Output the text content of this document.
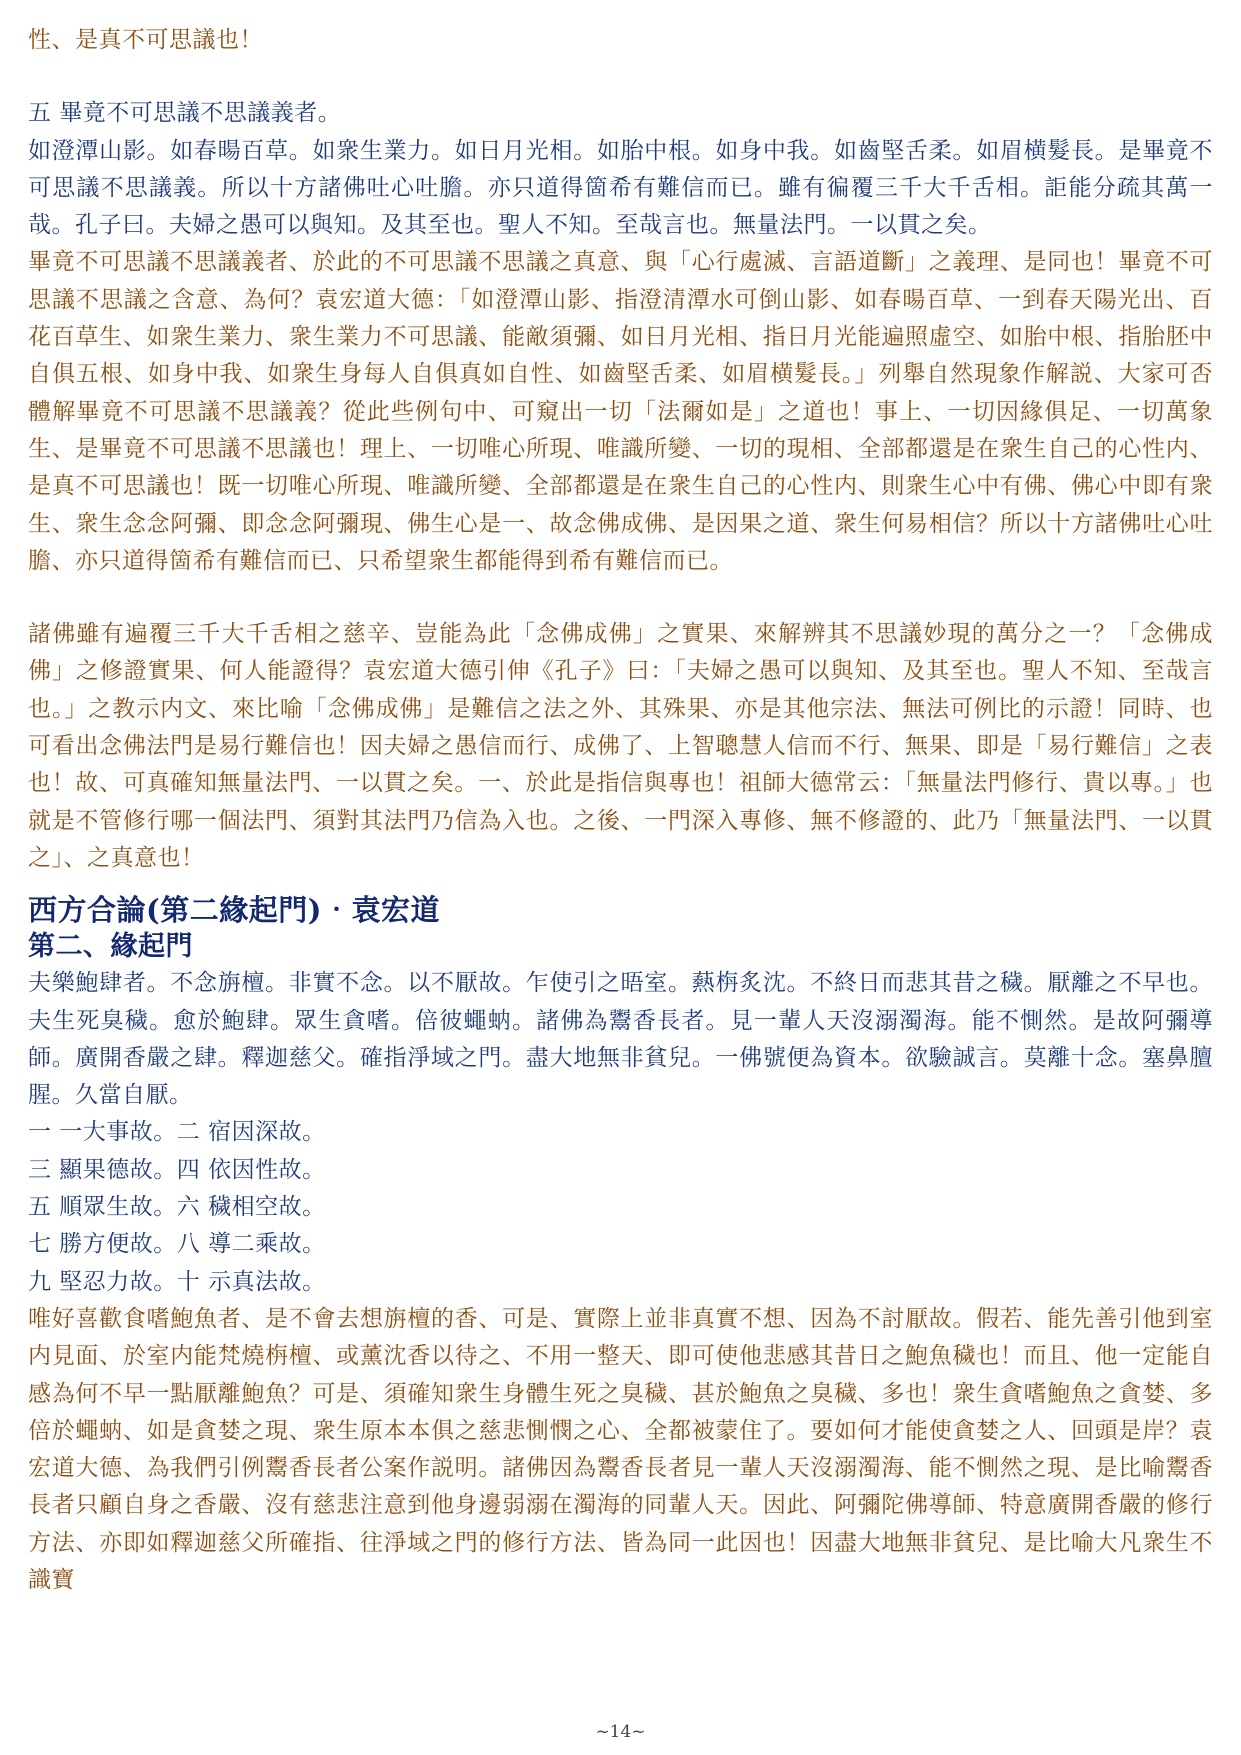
性、是真不可思議也！

五 畢竟不可思議不思議義者。

如澄潭山影。如春暘百草。如衆生業力。如日月光相。如胎中根。如身中我。如齒堅舌柔。如眉横髮長。是畢竟不可思議不思議義。所以十方諸佛吐心吐膽。亦只道得箇希有難信而已。雖有徧覆三千大千舌相。詎能分疏其萬一哉。孔子曰。夫婦之愚可以與知。及其至也。聖人不知。至哉言也。無量法門。一以貫之矣。

畢竟不可思議不思議義者、於此的不可思議不思議之真意、與「心行處滅、言語道斷」之義理、是同也！畢竟不可思議不思議之含意、為何？袁宏道大德：「如澄潭山影、指澄清潭水可倒山影、如春暘百草、一到春天陽光出、百花百草生、如衆生業力、衆生業力不可思議、能敵須彌、如日月光相、指日月光能遍照虛空、如胎中根、指胎胚中自俱五根、如身中我、如衆生身每人自俱真如自性、如齒堅舌柔、如眉横髮長。」列舉自然現象作解説、大家可否體解畢竟不可思議不思議義？從此些例句中、可窺出一切「法爾如是」之道也！事上、一切因緣俱足、一切萬象生、是畢竟不可思議不思議也！理上、一切唯心所現、唯識所變、一切的現相、全部都還是在衆生自己的心性内、是真不可思議也！既一切唯心所現、唯識所變、全部都還是在衆生自己的心性内、則衆生心中有佛、佛心中即有衆生、衆生念念阿彌、即念念阿彌現、佛生心是一、故念佛成佛、是因果之道、衆生何易相信？所以十方諸佛吐心吐膽、亦只道得箇希有難信而已、只希望衆生都能得到希有難信而已。

諸佛雖有遍覆三千大千舌相之慈辛、豈能為此「念佛成佛」之實果、來解辨其不思議妙現的萬分之一？「念佛成佛」之修證實果、何人能證得？袁宏道大德引伸《孔子》曰：「夫婦之愚可以與知、及其至也。聖人不知、至哉言也。」之教示内文、來比喻「念佛成佛」是難信之法之外、其殊果、亦是其他宗法、無法可例比的示證！同時、也可看出念佛法門是易行難信也！因夫婦之愚信而行、成佛了、上智聰慧人信而不行、無果、即是「易行難信」之表也！故、可真確知無量法門、一以貫之矣。一、於此是指信與專也！祖師大德常云：「無量法門修行、貴以專。」也就是不管修行哪一個法門、須對其法門乃信為入也。之後、一門深入專修、無不修證的、此乃「無量法門、一以貫之」、之真意也！

西方合論(第二緣起門)‧袁宏道
第二、緣起門

夫樂鮑肆者。不念旃檀。非實不念。以不厭故。乍使引之晤室。爇栴炙沈。不終日而悲其昔之穢。厭離之不早也。夫生死臭穢。愈於鮑肆。眾生貪嗜。倍彼蠅蚋。諸佛為鬻香長者。見一輩人天沒溺濁海。能不惻然。是故阿彌導師。廣開香嚴之肆。釋迦慈父。確指淨域之門。盡大地無非貧兒。一佛號便為資本。欲驗誠言。莫離十念。塞鼻膻腥。久當自厭。

一 一大事故。二 宿因深故。

三 顯果德故。四 依因性故。

五 順眾生故。六 穢相空故。

七 勝方便故。八 導二乘故。

九 堅忍力故。十 示真法故。

唯好喜歡食嗜鮑魚者、是不會去想旃檀的香、可是、實際上並非真實不想、因為不討厭故。假若、能先善引他到室内見面、於室内能梵燒栴檀、或薰沈香以待之、不用一整天、即可使他悲感其昔日之鮑魚穢也！而且、他一定能自感為何不早一點厭離鮑魚？可是、須確知衆生身體生死之臭穢、甚於鮑魚之臭穢、多也！衆生貪嗜鮑魚之貪婪、多倍於蠅蚋、如是貪婪之現、衆生原本本俱之慈悲惻憫之心、全都被蒙住了。要如何才能使貪婪之人、回頭是岸？袁宏道大德、為我們引例鬻香長者公案作説明。諸佛因為鬻香長者見一輩人天沒溺濁海、能不惻然之現、是比喻鬻香長者只顧自身之香嚴、沒有慈悲注意到他身邊弱溺在濁海的同輩人天。因此、阿彌陀佛導師、特意廣開香嚴的修行方法、亦即如釋迦慈父所確指、往淨域之門的修行方法、皆為同一此因也！因盡大地無非貧兒、是比喻大凡衆生不識寶

~14~
